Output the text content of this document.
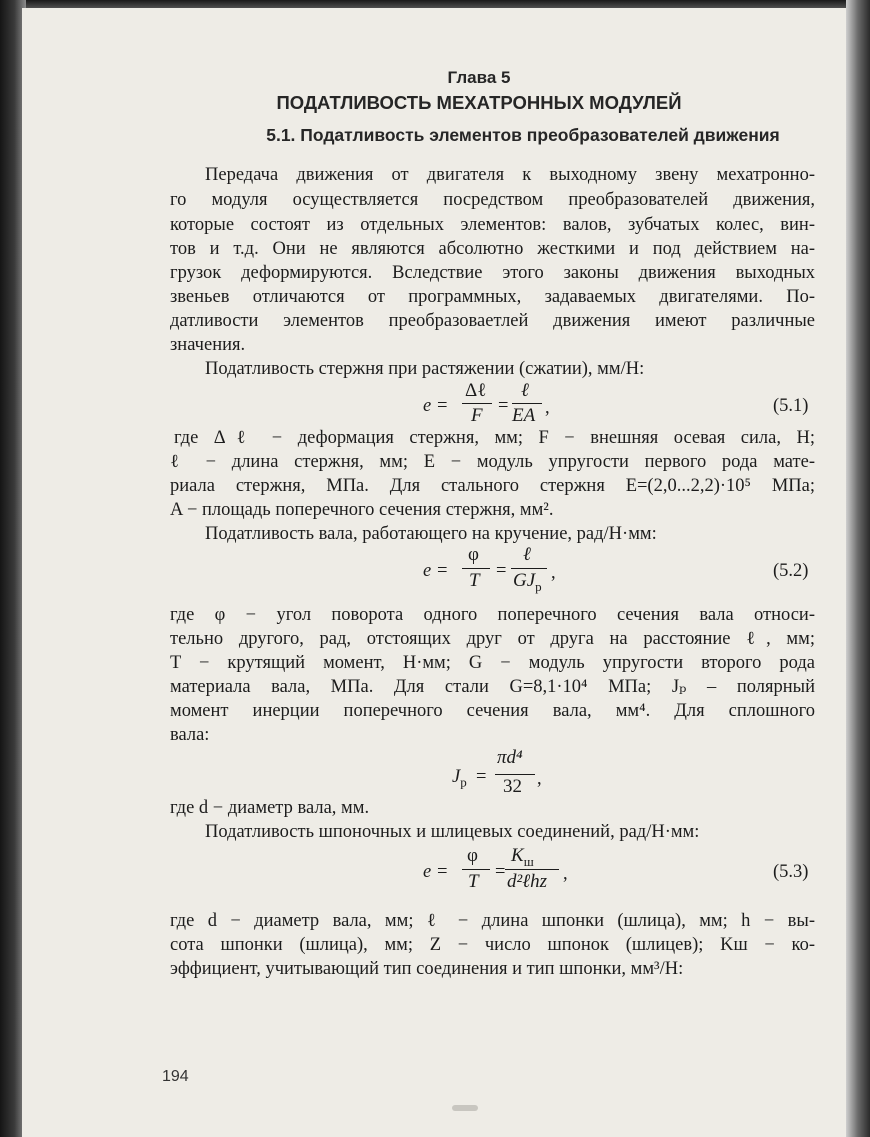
Глава 5
ПОДАТЛИВОСТЬ МЕХАТРОННЫХ МОДУЛЕЙ
5.1. Податливость элементов преобразователей движения
Передача движения от двигателя к выходному звену мехатронно-
го модуля осуществляется посредством преобразователей движения,
которые состоят из отдельных элементов: валов, зубчатых колес, вин-
тов и т.д. Они не являются абсолютно жесткими и под действием на-
грузок деформируются. Вследствие этого законы движения выходных
звеньев отличаются от программных, задаваемых двигателями. По-
датливости элементов преобразоваетлей движения имеют различные
значения.
Податливость стержня при растяжении (сжатии), мм/Н:
e =
Δℓ
F =
ℓ
EA ,	(5.1)
где Δℓ − деформация стержня, мм; F − внешняя осевая сила, Н;
ℓ − длина стержня, мм; E − модуль упругости первого рода мате-
риала стержня, МПа. Для стального стержня E=(2,0...2,2)·10⁵ МПа;
A − площадь поперечного сечения стержня, мм².
Податливость вала, работающего на кручение, рад/Н·мм:
e =
φ
T =
ℓ
$GJ_p$
,	(5.2)
где φ − угол поворота одного поперечного сечения вала относи-
тельно другого, рад, отстоящих друг от друга на расстояние ℓ, мм;
T − крутящий момент, Н·мм; G − модуль упругости второго рода
материала вала, МПа. Для стали G=8,1·10⁴ МПа; Jₚ – полярный
момент инерции поперечного сечения вала, мм⁴. Для сплошного
вала:
$J_p$ =
πd⁴
32 ,
где d − диаметр вала, мм.
Податливость шпоночных и шлицевых соединений, рад/Н·мм:
e =
φ
T =
$K_ш$
d²ℓhz ,	(5.3)
где d − диаметр вала, мм; ℓ − длина шпонки (шлица), мм; h − вы-
сота шпонки (шлица), мм; Z − число шпонок (шлицев); Kш − ко-
эффициент, учитывающий тип соединения и тип шпонки, мм³/Н:
194
